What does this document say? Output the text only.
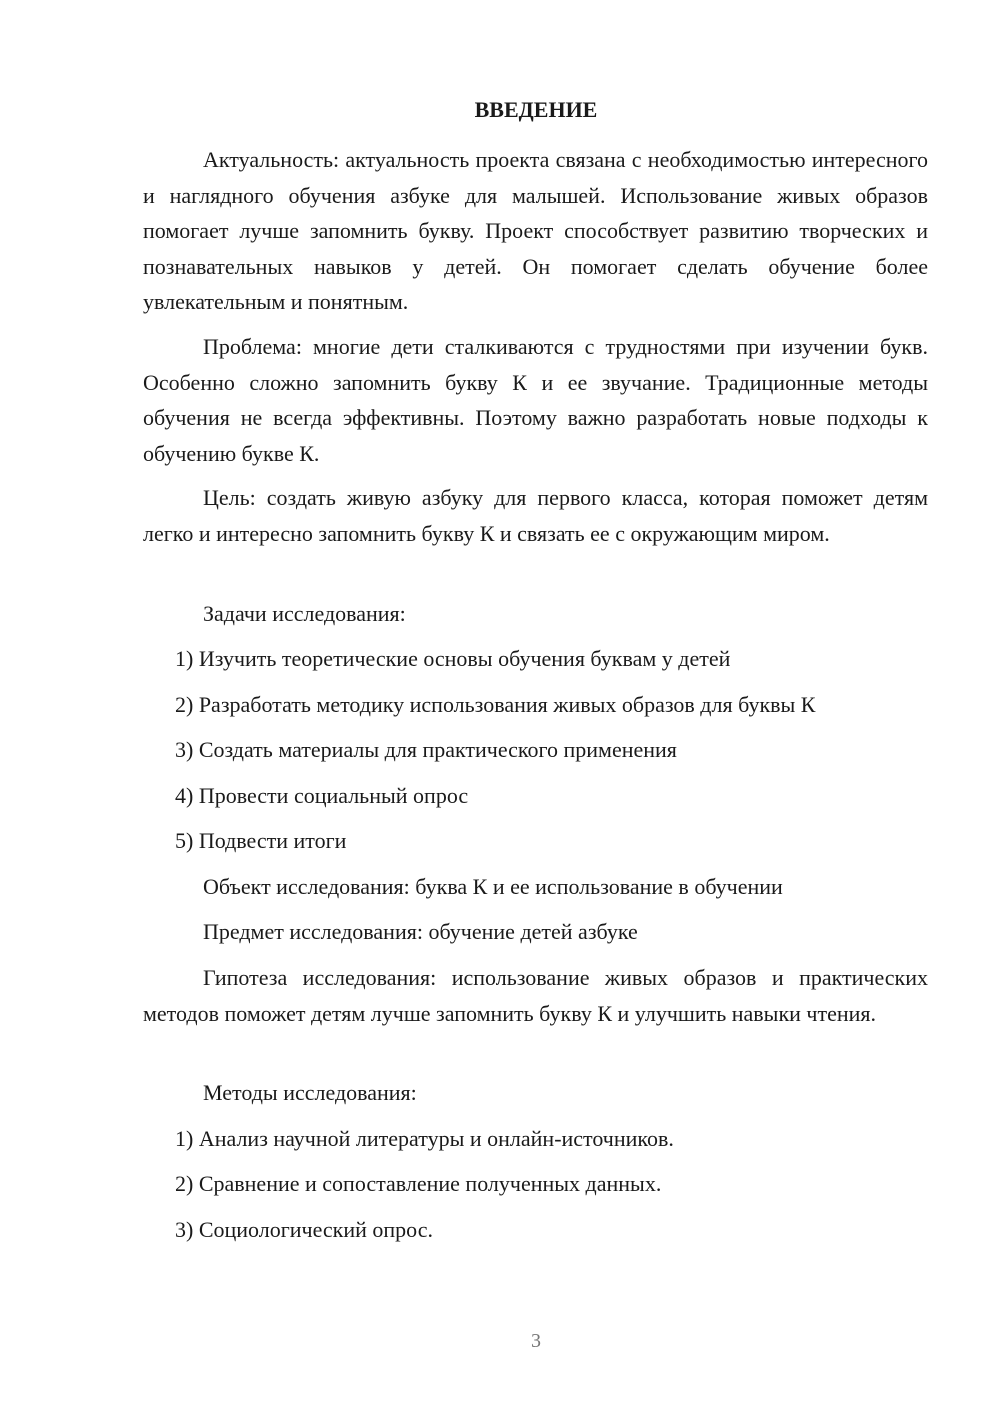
ВВЕДЕНИЕ

Актуальность: актуальность проекта связана с необходимостью интересного и наглядного обучения азбуке для малышей. Использование живых образов помогает лучше запомнить букву. Проект способствует развитию творческих и познавательных навыков у детей. Он помогает сделать обучение более увлекательным и понятным.

Проблема: многие дети сталкиваются с трудностями при изучении букв. Особенно сложно запомнить букву К и ее звучание. Традиционные методы обучения не всегда эффективны. Поэтому важно разработать новые подходы к обучению букве К.

Цель: создать живую азбуку для первого класса, которая поможет детям легко и интересно запомнить букву К и связать ее с окружающим миром.

Задачи исследования:

1) Изучить теоретические основы обучения буквам у детей

2) Разработать методику использования живых образов для буквы К

3) Создать материалы для практического применения

4) Провести социальный опрос

5) Подвести итоги

Объект исследования: буква К и ее использование в обучении

Предмет исследования: обучение детей азбуке

Гипотеза исследования: использование живых образов и практических методов поможет детям лучше запомнить букву К и улучшить навыки чтения.

Методы исследования:

1) Анализ научной литературы и онлайн-источников.

2) Сравнение и сопоставление полученных данных.

3) Социологический опрос.

3
